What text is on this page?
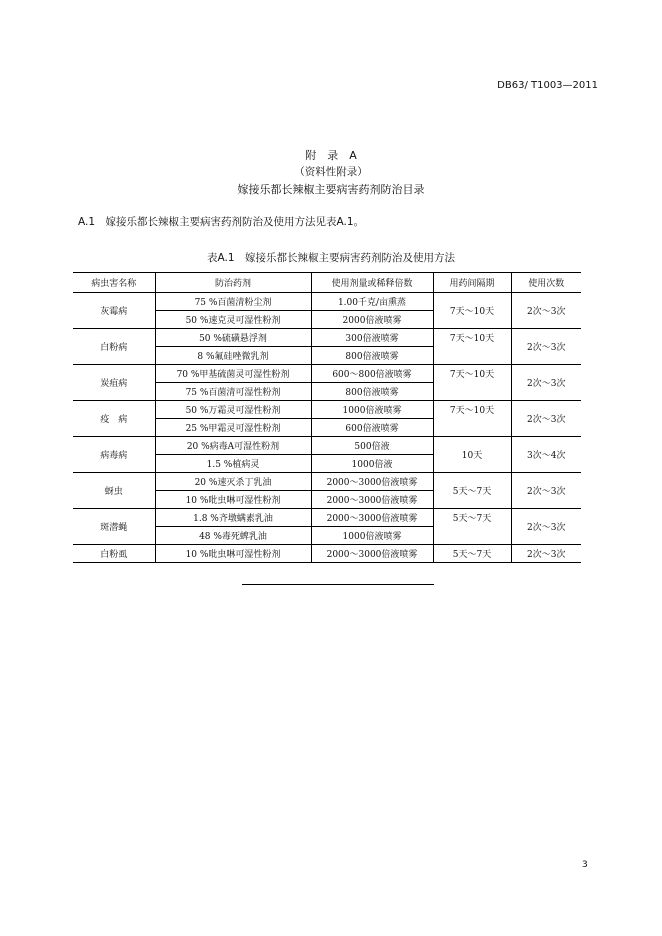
DB63/ T1003—2011
附　录　A
（资料性附录）
嫁接乐都长辣椒主要病害药剂防治目录
A.1　嫁接乐都长辣椒主要病害药剂防治及使用方法见表A.1。
表A.1　嫁接乐都长辣椒主要病害药剂防治及使用方法
病虫害名称	防治药剂	使用剂量或稀释倍数	用药间隔期	使用次数
灰霉病	75 %百菌清粉尘剂	1.00千克/亩熏蒸	7天～10天	2次～3次
	50 %速克灵可湿性粉剂	2000倍液喷雾		
白粉病	50 %硫磺悬浮剂	300倍液喷雾	7天～10天	2次～3次
	8 %氟硅唑微乳剂	800倍液喷雾		
炭疽病	70 %甲基硫菌灵可湿性粉剂	600～800倍液喷雾	7天～10天	2次～3次
	75 %百菌清可湿性粉剂	800倍液喷雾		
疫　病	50 %万霜灵可湿性粉剂	1000倍液喷雾	7天～10天	2次～3次
	25 %甲霜灵可湿性粉剂	600倍液喷雾		
病毒病	20 %病毒A可湿性粉剂	500倍液	10天	3次～4次
	1.5 %植病灵	1000倍液		
蚜虫	20 %速灭杀丁乳油	2000～3000倍液喷雾	5天～7天	2次～3次
	10 %吡虫啉可湿性粉剂	2000～3000倍液喷雾		
斑潜蝇	1.8 %齐墩螨素乳油	2000～3000倍液喷雾	5天～7天	2次～3次
	48 %毒死蜱乳油	1000倍液喷雾		
白粉虱	10 %吡虫啉可湿性粉剂	2000～3000倍液喷雾	5天～7天	2次～3次
3
